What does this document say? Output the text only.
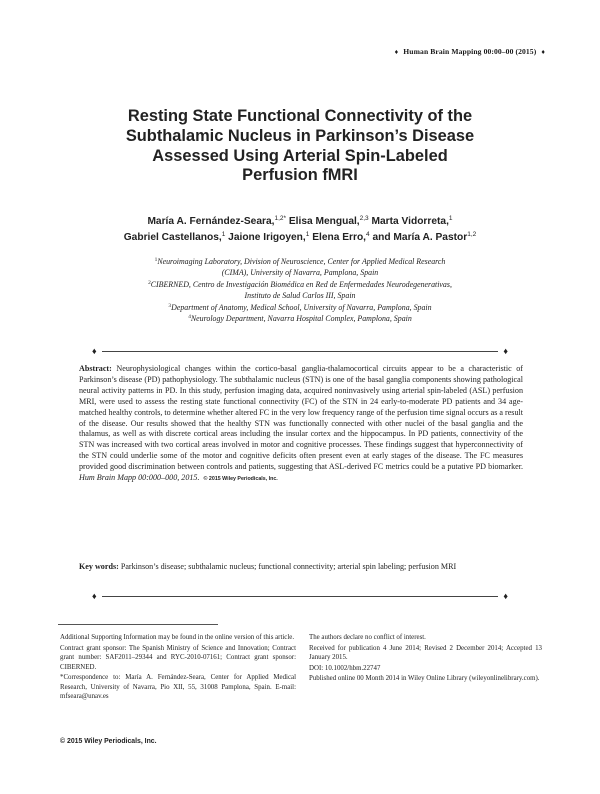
♦ Human Brain Mapping 00:00–00 (2015) ♦
Resting State Functional Connectivity of the
Subthalamic Nucleus in Parkinson’s Disease
Assessed Using Arterial Spin-Labeled
Perfusion fMRI
María A. Fernández-Seara,$^{1,2*}$ Elisa Mengual,$^{2,3}$ Marta Vidorreta,$^1$
Gabriel Castellanos,$^1$ Jaione Irigoyen,$^1$ Elena Erro,$^4$ and María A. Pastor$^{1,2}$
$^1$Neuroimaging Laboratory, Division of Neuroscience, Center for Applied Medical Research
(CIMA), University of Navarra, Pamplona, Spain
$^2$CIBERNED, Centro de Investigación Biomédica en Red de Enfermedades Neurodegenerativas,
Instituto de Salud Carlos III, Spain
$^3$Department of Anatomy, Medical School, University of Navarra, Pamplona, Spain
$^4$Neurology Department, Navarra Hospital Complex, Pamplona, Spain
♦	♦
Abstract: Neurophysiological changes within the cortico-basal ganglia-thalamocortical circuits appear to be a characteristic of Parkinson’s disease (PD) pathophysiology. The subthalamic nucleus (STN) is one of the basal ganglia components showing pathological neural activity patterns in PD. In this study, perfusion imaging data, acquired noninvasively using arterial spin-labeled (ASL) perfusion MRI, were used to assess the resting state functional connectivity (FC) of the STN in 24 early-to-moderate PD patients and 34 age-matched healthy controls, to determine whether altered FC in the very low frequency range of the perfusion time signal occurs as a result of the disease. Our results showed that the healthy STN was functionally connected with other nuclei of the basal ganglia and the thalamus, as well as with discrete cortical areas including the insular cortex and the hippocampus. In PD patients, connectivity of the STN was increased with two cortical areas involved in motor and cognitive processes. These findings suggest that hyperconnectivity of the STN could underlie some of the motor and cognitive deficits often present even at early stages of the disease. The FC measures provided good discrimination between controls and patients, suggesting that ASL-derived FC metrics could be a putative PD biomarker. Hum Brain Mapp 00:000–000, 2015. © 2015 Wiley Periodicals, Inc.
Key words: Parkinson’s disease; subthalamic nucleus; functional connectivity; arterial spin labeling; perfusion MRI
♦	♦

Additional Supporting Information may be found in the online version of this article.

Contract grant sponsor: The Spanish Ministry of Science and Innovation; Contract grant number: SAF2011–29344 and RYC-2010-07161; Contract grant sponsor: CIBERNED.

*Correspondence to: María A. Fernández-Seara, Center for Applied Medical Research, University of Navarra, Pio XII, 55, 31008 Pamplona, Spain. E-mail: mfseara@unav.es

The authors declare no conflict of interest.

Received for publication 4 June 2014; Revised 2 December 2014; Accepted 13 January 2015.

DOI: 10.1002/hbm.22747

Published online 00 Month 2014 in Wiley Online Library (wileyonlinelibrary.com).

© 2015 Wiley Periodicals, Inc.
